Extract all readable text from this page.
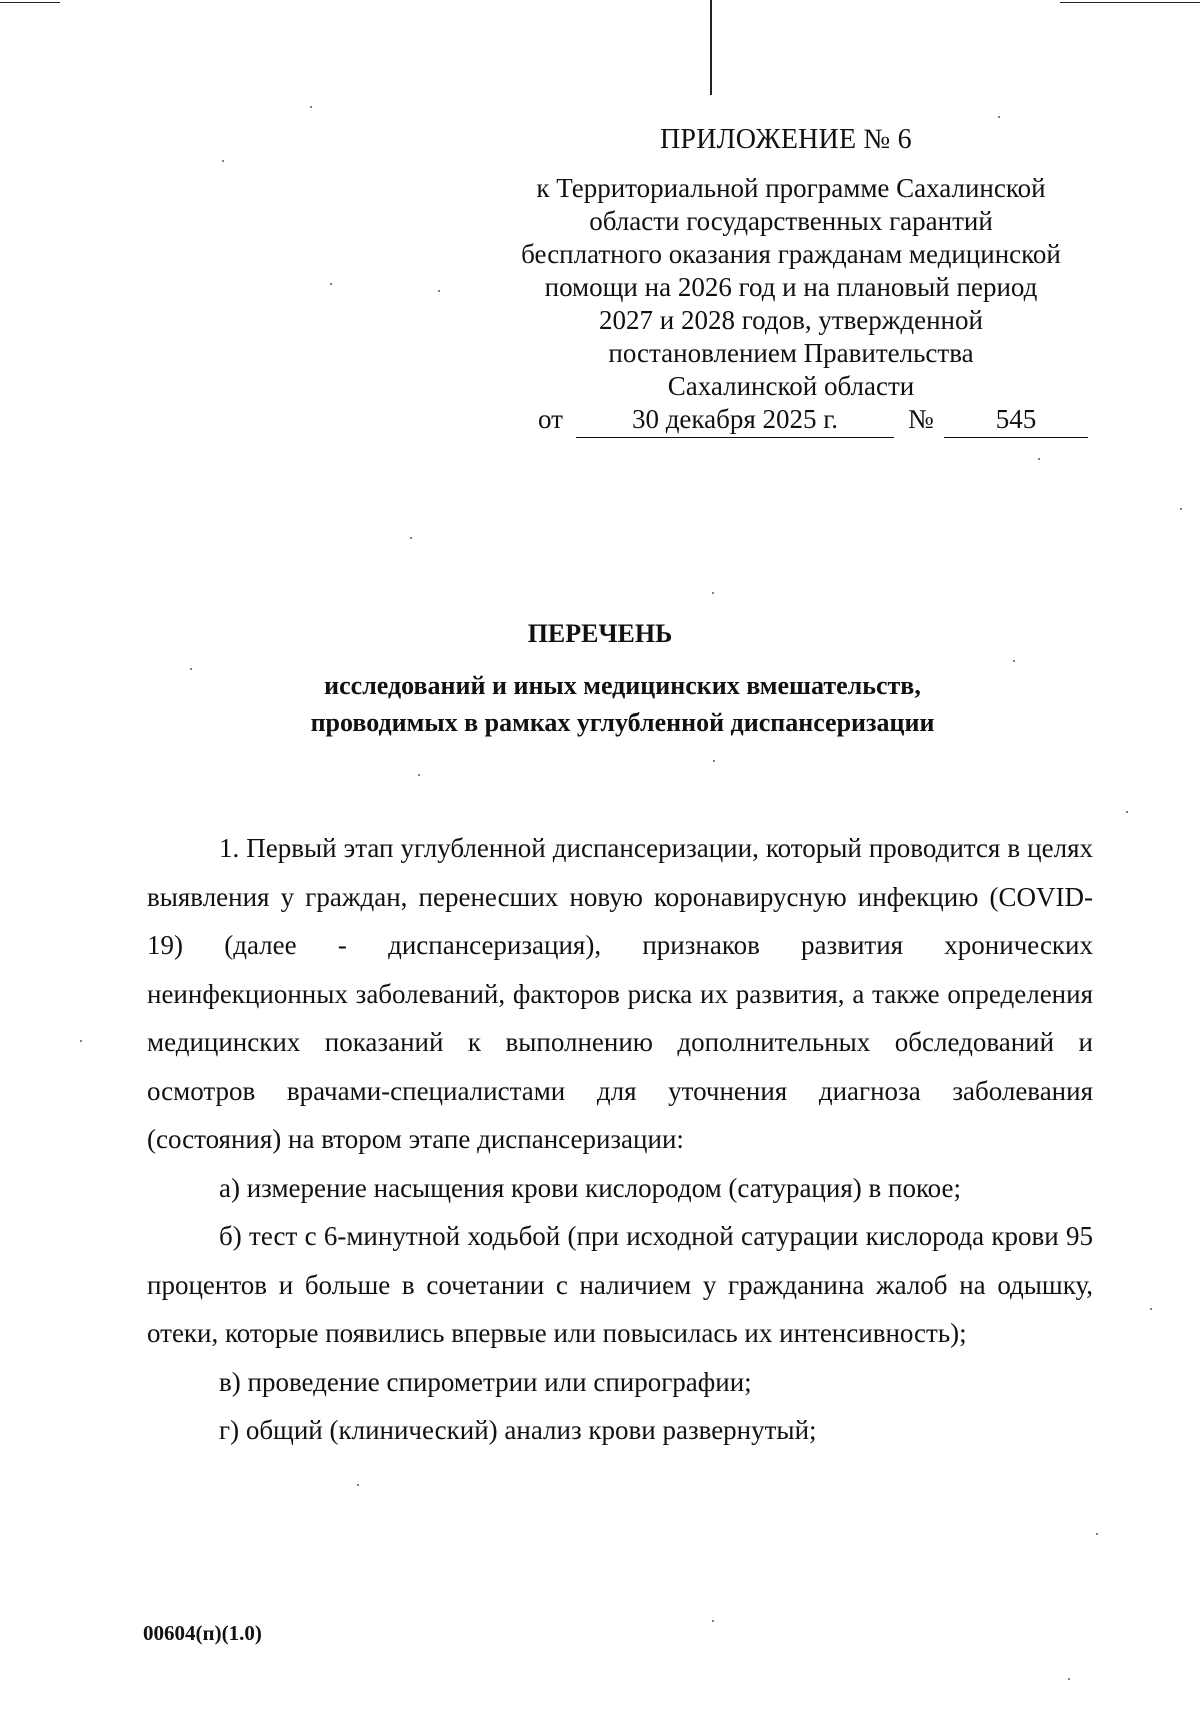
ПРИЛОЖЕНИЕ № 6
к Территориальной программе Сахалинской
области государственных гарантий
бесплатного оказания гражданам медицинской
помощи на 2026 год и на плановый период
2027 и 2028 годов, утвержденной
постановлением Правительства
Сахалинской области
от	30 декабря 2025 г.	№	545
ПЕРЕЧЕНЬ
исследований и иных медицинских вмешательств,
проводимых в рамках углубленной диспансеризации

1. Первый этап углубленной диспансеризации, который проводится в целях выявления у граждан, перенесших новую коронавирусную инфекцию (COVID-19) (далее - диспансеризация), признаков развития хронических неинфекционных заболеваний, факторов риска их развития, а также определения медицинских показаний к выполнению дополнительных обследований и осмотров врачами-специалистами для уточнения диагноза заболевания (состояния) на втором этапе диспансеризации:

а) измерение насыщения крови кислородом (сатурация) в покое;

б) тест с 6-минутной ходьбой (при исходной сатурации кислорода крови 95 процентов и больше в сочетании с наличием у гражданина жалоб на одышку, отеки, которые появились впервые или повысилась их интенсивность);

в) проведение спирометрии или спирографии;

г) общий (клинический) анализ крови развернутый;

00604(п)(1.0)
